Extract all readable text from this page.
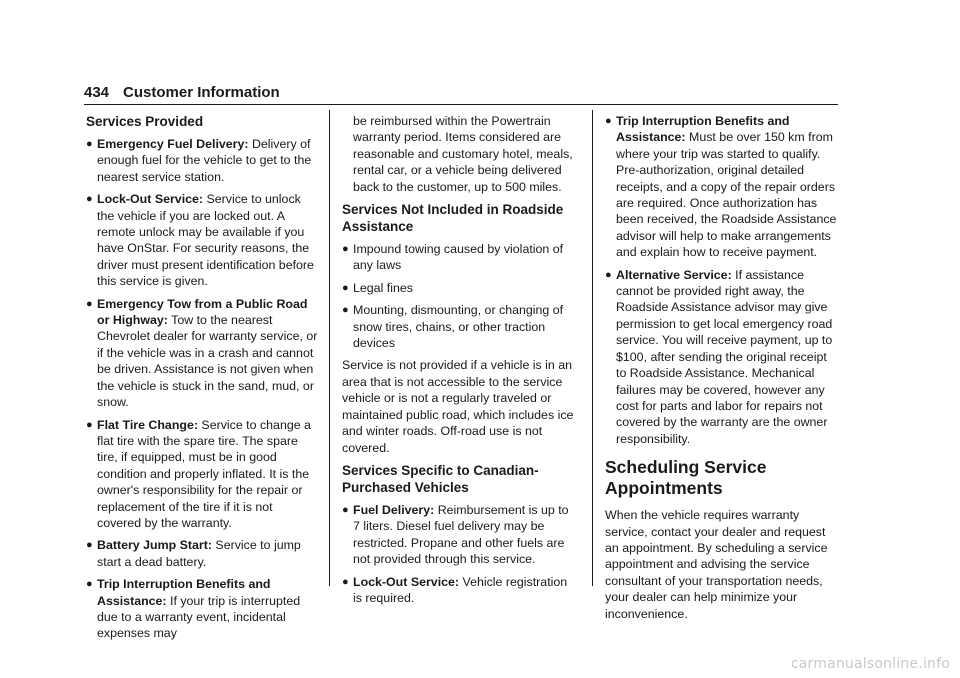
434 Customer Information
Services Provided
● Emergency Fuel Delivery: Delivery of enough fuel for the vehicle to get to the nearest service station.
● Lock-Out Service: Service to unlock the vehicle if you are locked out. A remote unlock may be available if you have OnStar. For security reasons, the driver must present identification before this service is given.
● Emergency Tow from a Public Road or Highway: Tow to the nearest Chevrolet dealer for warranty service, or if the vehicle was in a crash and cannot be driven. Assistance is not given when the vehicle is stuck in the sand, mud, or snow.
● Flat Tire Change: Service to change a flat tire with the spare tire. The spare tire, if equipped, must be in good condition and properly inflated. It is the owner's responsibility for the repair or replacement of the tire if it is not covered by the warranty.
● Battery Jump Start: Service to jump start a dead battery.
● Trip Interruption Benefits and Assistance: If your trip is interrupted due to a warranty event, incidental expenses may

be reimbursed within the Powertrain warranty period. Items considered are reasonable and customary hotel, meals, rental car, or a vehicle being delivered back to the customer, up to 500 miles.

Services Not Included in Roadside Assistance
● Impound towing caused by violation of any laws
● Legal fines
● Mounting, dismounting, or changing of snow tires, chains, or other traction devices

Service is not provided if a vehicle is in an area that is not accessible to the service vehicle or is not a regularly traveled or maintained public road, which includes ice and winter roads. Off-road use is not covered.

Services Specific to Canadian-Purchased Vehicles
● Fuel Delivery: Reimbursement is up to 7 liters. Diesel fuel delivery may be restricted. Propane and other fuels are not provided through this service.
● Lock-Out Service: Vehicle registration is required.
● Trip Interruption Benefits and Assistance: Must be over 150 km from where your trip was started to qualify. Pre-authorization, original detailed receipts, and a copy of the repair orders are required. Once authorization has been received, the Roadside Assistance advisor will help to make arrangements and explain how to receive payment.
● Alternative Service: If assistance cannot be provided right away, the Roadside Assistance advisor may give permission to get local emergency road service. You will receive payment, up to $100, after sending the original receipt to Roadside Assistance. Mechanical failures may be covered, however any cost for parts and labor for repairs not covered by the warranty are the owner responsibility.
Scheduling Service Appointments

When the vehicle requires warranty service, contact your dealer and request an appointment. By scheduling a service appointment and advising the service consultant of your transportation needs, your dealer can help minimize your inconvenience.

carmanualsonline.info
